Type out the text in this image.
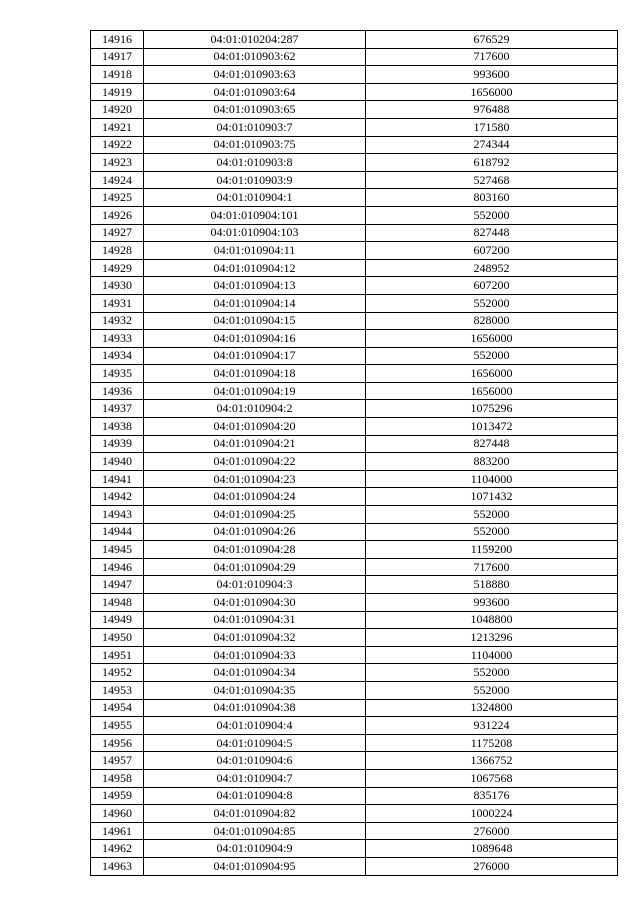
14916	04:01:010204:287	676529
14917	04:01:010903:62	717600
14918	04:01:010903:63	993600
14919	04:01:010903:64	1656000
14920	04:01:010903:65	976488
14921	04:01:010903:7	171580
14922	04:01:010903:75	274344
14923	04:01:010903:8	618792
14924	04:01:010903:9	527468
14925	04:01:010904:1	803160
14926	04:01:010904:101	552000
14927	04:01:010904:103	827448
14928	04:01:010904:11	607200
14929	04:01:010904:12	248952
14930	04:01:010904:13	607200
14931	04:01:010904:14	552000
14932	04:01:010904:15	828000
14933	04:01:010904:16	1656000
14934	04:01:010904:17	552000
14935	04:01:010904:18	1656000
14936	04:01:010904:19	1656000
14937	04:01:010904:2	1075296
14938	04:01:010904:20	1013472
14939	04:01:010904:21	827448
14940	04:01:010904:22	883200
14941	04:01:010904:23	1104000
14942	04:01:010904:24	1071432
14943	04:01:010904:25	552000
14944	04:01:010904:26	552000
14945	04:01:010904:28	1159200
14946	04:01:010904:29	717600
14947	04:01:010904:3	518880
14948	04:01:010904:30	993600
14949	04:01:010904:31	1048800
14950	04:01:010904:32	1213296
14951	04:01:010904:33	1104000
14952	04:01:010904:34	552000
14953	04:01:010904:35	552000
14954	04:01:010904:38	1324800
14955	04:01:010904:4	931224
14956	04:01:010904:5	1175208
14957	04:01:010904:6	1366752
14958	04:01:010904:7	1067568
14959	04:01:010904:8	835176
14960	04:01:010904:82	1000224
14961	04:01:010904:85	276000
14962	04:01:010904:9	1089648
14963	04:01:010904:95	276000
